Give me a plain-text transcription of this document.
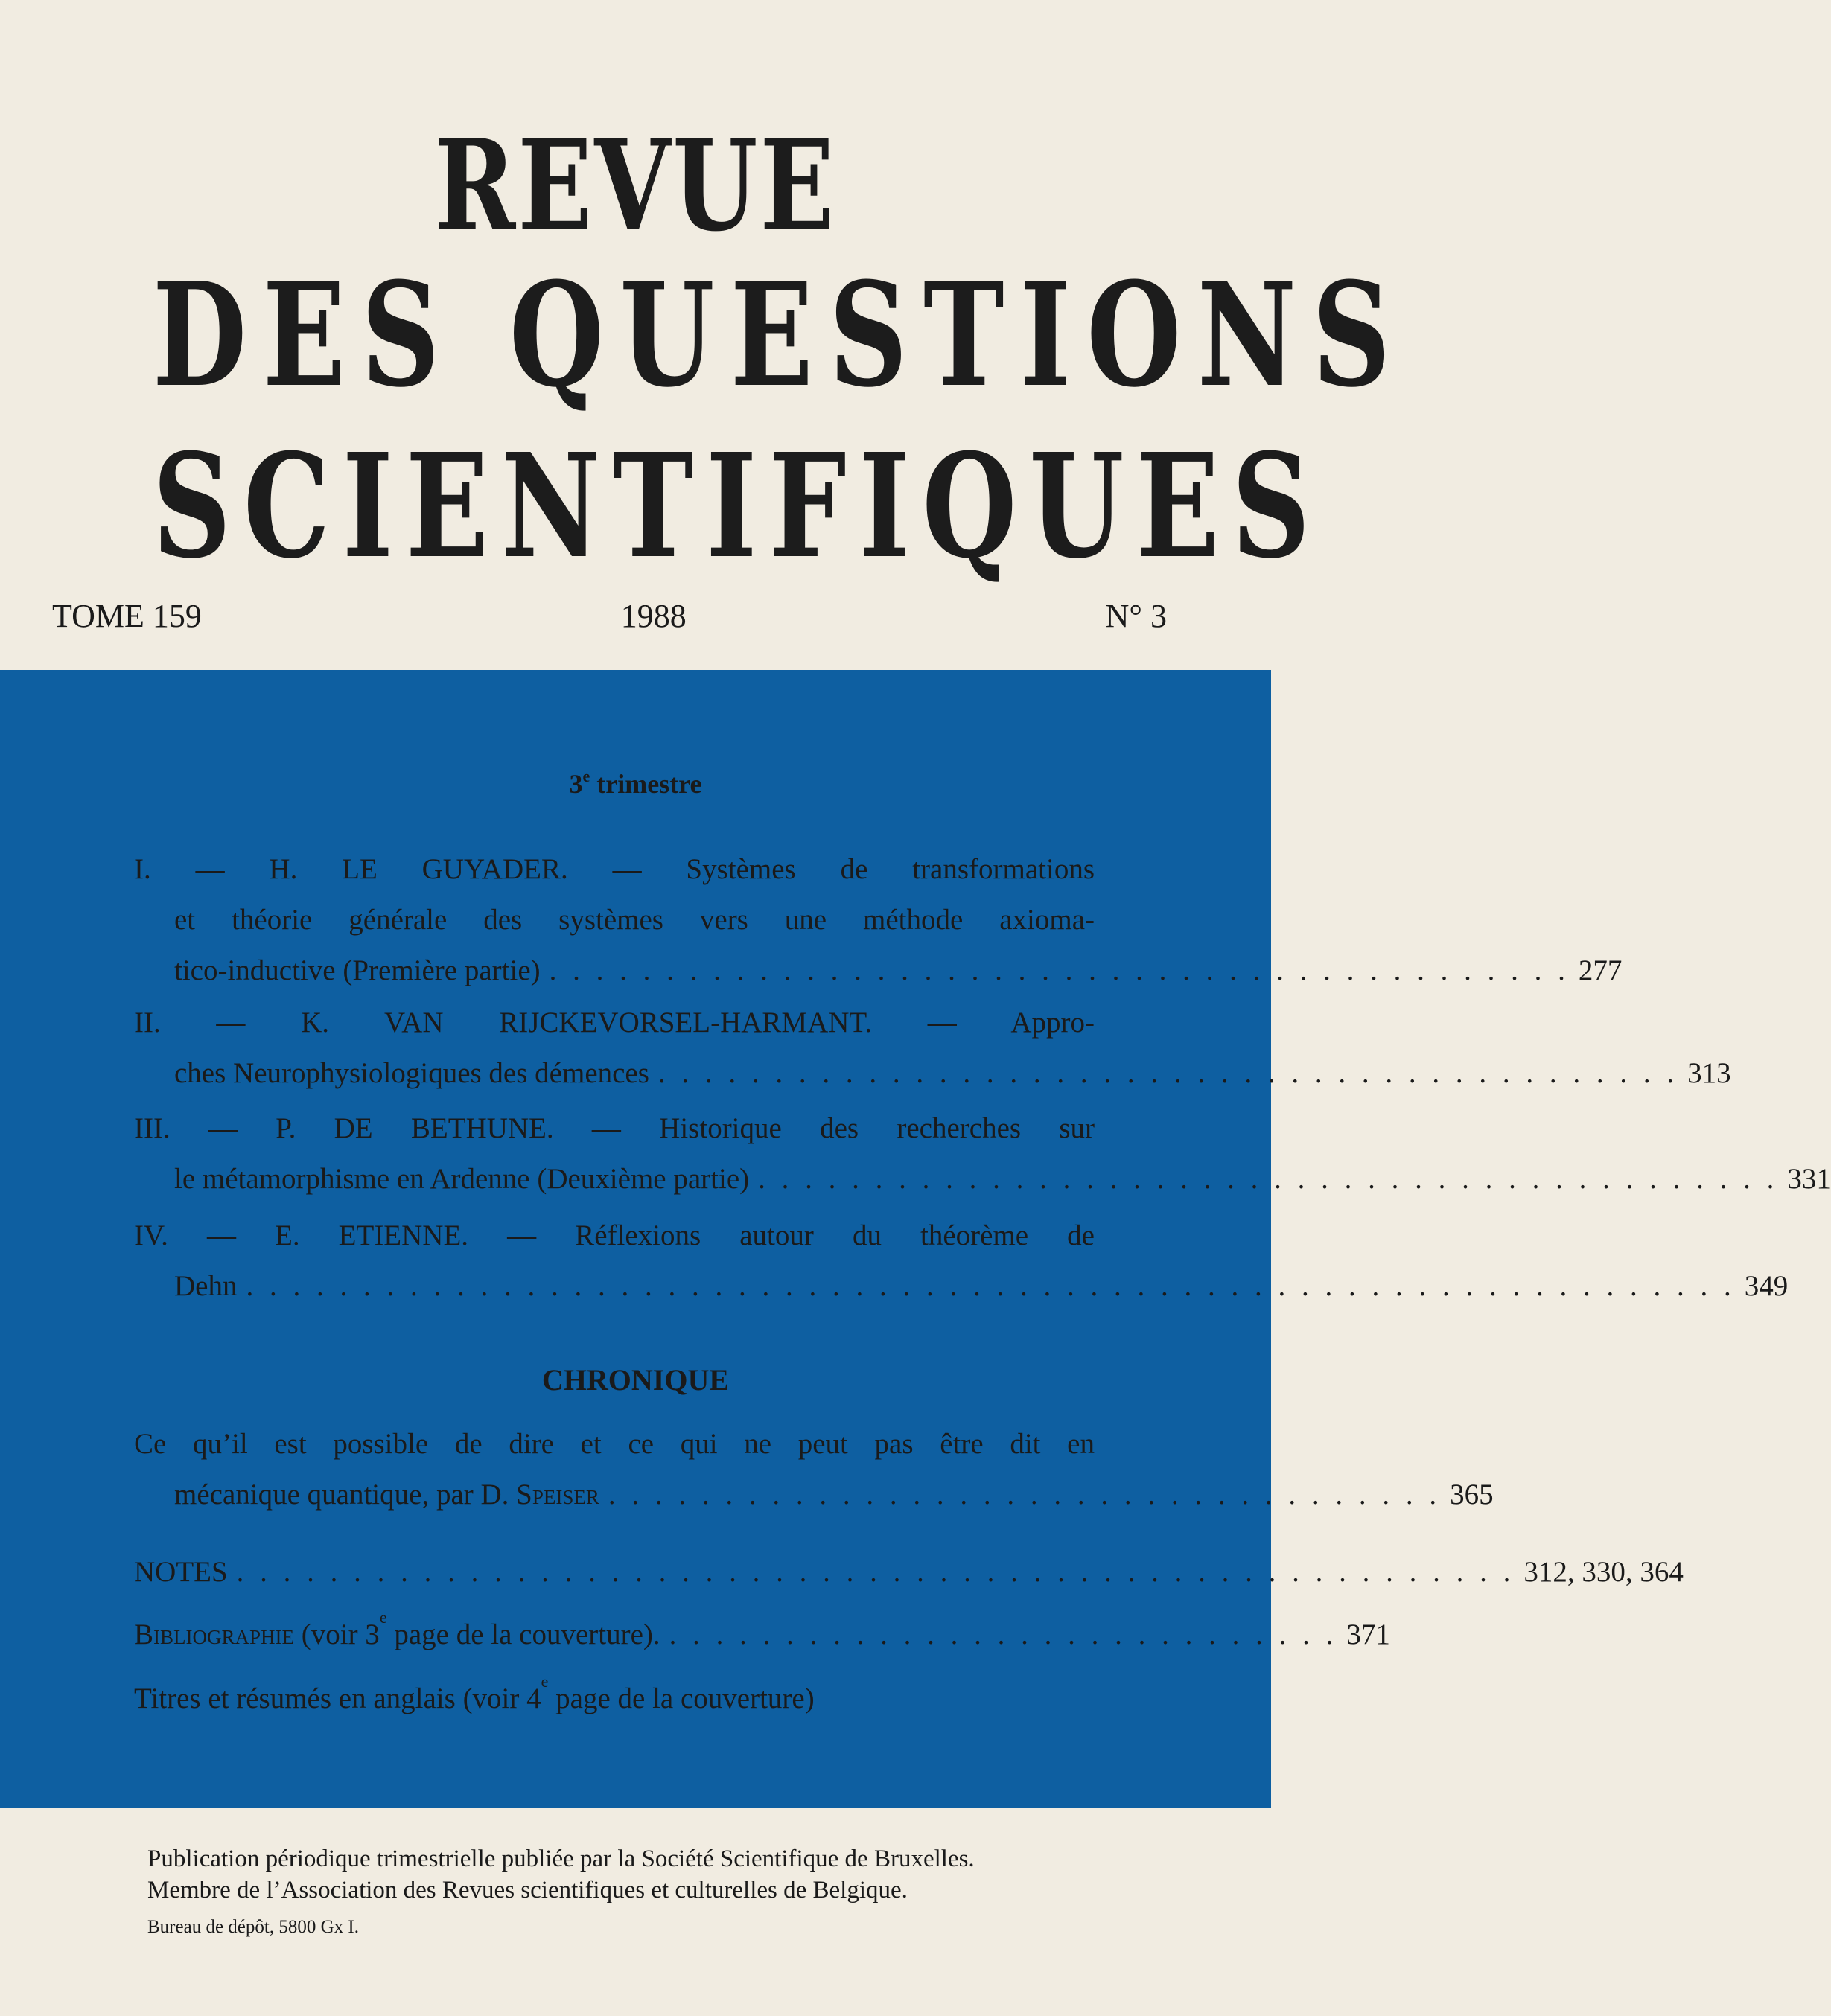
REVUE
DES QUESTIONS
SCIENTIFIQUES
TOME 159	1988	N° 3
3e trimestre
I. — H. LE GUYADER. — Systèmes de transformations
et théorie générale des systèmes vers une méthode axioma-
tico-inductive (Première partie) . . . . . . . . . . . . . . . . . . . . . . . . . . . . . . . . . . . . . . . . . . . . 277
II. — K. VAN RIJCKEVORSEL-HARMANT. — Appro-
ches Neurophysiologiques des démences . . . . . . . . . . . . . . . . . . . . . . . . . . . . . . . . . . . . . . . . . . . . 313
III. — P. DE BETHUNE. — Historique des recherches sur
le métamorphisme en Ardenne (Deuxième partie) . . . . . . . . . . . . . . . . . . . . . . . . . . . . . . . . . . . . . . . . . . . . 331
IV. — E. ETIENNE. — Réflexions autour du théorème de
Dehn . . . . . . . . . . . . . . . . . . . . . . . . . . . . . . . . . . . . . . . . . . . . . . . . . . . . . . . . . . . . . . . . 349
CHRONIQUE
Ce qu’il est possible de dire et ce qui ne peut pas être dit en
mécanique quantique, par D. Speiser . . . . . . . . . . . . . . . . . . . . . . . . . . . . . . . . . . . . 365
NOTES . . . . . . . . . . . . . . . . . . . . . . . . . . . . . . . . . . . . . . . . . . . . . . . . . . . . . . . 312, 330, 364
Bibliographie (voir 3e page de la couverture). . . . . . . . . . . . . . . . . . . . . . . . . . . . . . 371
Titres et résumés en anglais (voir 4e page de la couverture)
Publication périodique trimestrielle publiée par la Société Scientifique de Bruxelles.
Membre de l’Association des Revues scientifiques et culturelles de Belgique.
Bureau de dépôt, 5800 Gx I.
